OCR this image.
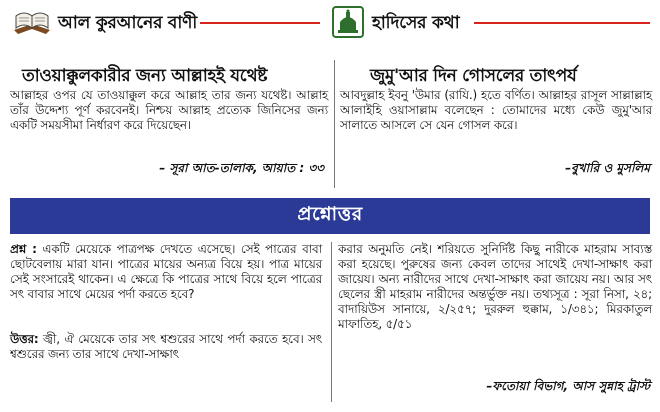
আল কুরআনের বাণী	হাদিসের কথা
তাওয়াক্কুলকারীর জন্য আল্লাহই যথেষ্ট
আল্লাহর ওপর যে তাওয়াক্কুল করে আল্লাহ তার জন্য যথেষ্ট। আল্লাহ তাঁর উদ্দেশ্য পূর্ণ করবেনই। নিশ্চয় আল্লাহ প্রত্যেক জিনিসের জন্য একটি সময়সীমা নির্ধারণ করে দিয়েছেন।
– সূরা আত-তালাক, আয়াত : ৩৩
জুমু'আর দিন গোসলের তাৎপর্য
আবদুল্লাহ ইবনু 'উমার (রাযি.) হতে বর্ণিত। আল্লাহর রাসূল সাল্লাল্লাহ আলাইহি ওয়াসাল্লাম বলেছেন : তোমাদের মধ্যে কেউ জুমু'আর সালাতে আসলে সে যেন গোসল করে।
–বুখারি ও মুসলিম
প্রশ্নোত্তর

প্রশ্ন : একটি মেয়েকে পাত্রপক্ষ দেখতে এসেছে। সেই পাত্রের বাবা ছোটবেলায় মারা যান। পাত্রের মায়ের অন্যত্র বিয়ে হয়। পাত্র মায়ের সেই সংসারেই থাকেন। এ ক্ষেত্রে কি পাত্রের সাথে বিয়ে হলে পাত্রের সৎ বাবার সাথে মেয়ের পর্দা করতে হবে?

উত্তর: জ্বী, ঐ মেয়েকে তার সৎ শ্বশুরের সাথে পর্দা করতে হবে। সৎ শ্বশুরের জন্য তার সাথে দেখা-সাক্ষাৎ

করার অনুমতি নেই। শরিয়তে সুনির্দিষ্ট কিছু নারীকে মাহরাম সাব্যস্ত করা হয়েছে। পুরুষের জন্য কেবল তাদের সাথেই দেখা-সাক্ষাৎ করা জায়েয। অন্য নারীদের সাথে দেখা-সাক্ষাৎ করা জায়েয নয়। আর সৎ ছেলের স্ত্রী মাহরাম নারীদের অন্তর্ভুক্ত নয়। তথ্যসূত্র : সূরা নিসা, ২৪; বাদায়িউস সানায়ে, ২/২৫৭; দুররুল হুক্কাম, ১/৩৪১; মিরকাতুল মাফাতিহ, ৫/৫১
–ফতোয়া বিভাগ, আস সুন্নাহ ট্রাস্ট
